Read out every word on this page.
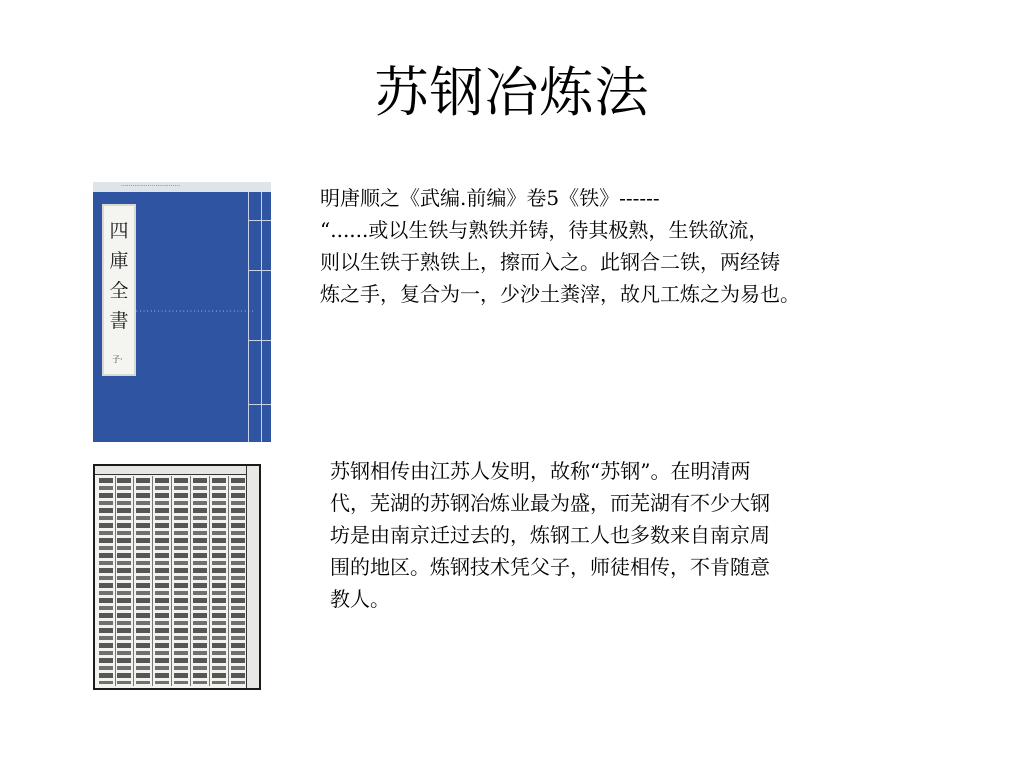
苏钢冶炼法
·······························
四
庫
全
書
子·
·································

明唐顺之《武编.前编》卷5《铁》------
“......或以生铁与熟铁并铸，待其极熟，生铁欲流，
则以生铁于熟铁上，擦而入之。此钢合二铁，两经铸
炼之手，复合为一，少沙土粪滓，故凡工炼之为易也。

苏钢相传由江苏人发明，故称“苏钢”。在明清两
代，芜湖的苏钢冶炼业最为盛，而芜湖有不少大钢
坊是由南京迁过去的，炼钢工人也多数来自南京周
围的地区。炼钢技术凭父子，师徒相传，不肯随意
教人。
